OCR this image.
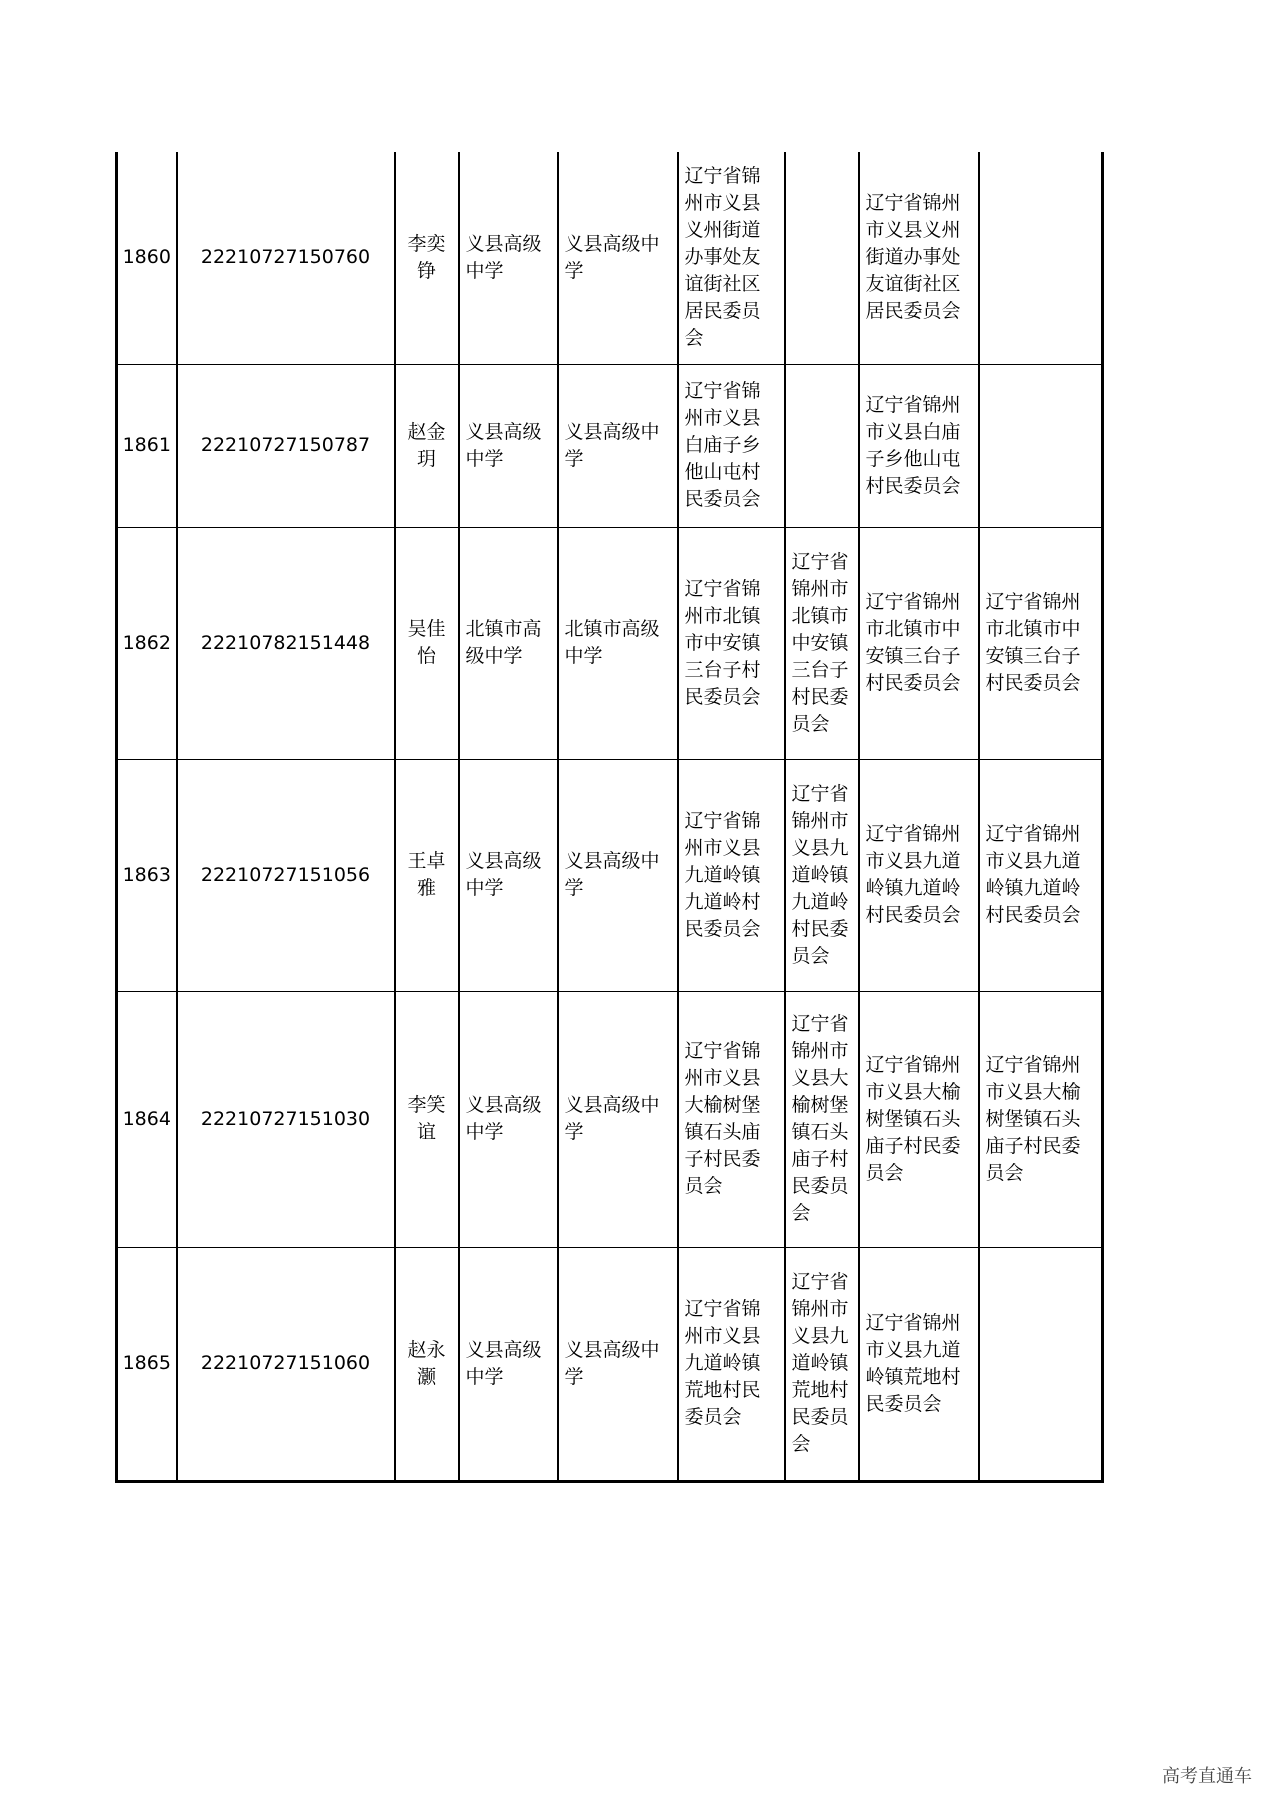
1860	22210727150760	李奕铮	义县高级中学	义县高级中学	辽宁省锦州市义县义州街道办事处友谊街社区居民委员会		辽宁省锦州市义县义州街道办事处友谊街社区居民委员会	
1861	22210727150787	赵金玥	义县高级中学	义县高级中学	辽宁省锦州市义县白庙子乡他山屯村民委员会		辽宁省锦州市义县白庙子乡他山屯村民委员会	
1862	22210782151448	吴佳怡	北镇市高级中学	北镇市高级中学	辽宁省锦州市北镇市中安镇三台子村民委员会	辽宁省锦州市北镇市中安镇三台子村民委员会	辽宁省锦州市北镇市中安镇三台子村民委员会	辽宁省锦州市北镇市中安镇三台子村民委员会
1863	22210727151056	王卓雅	义县高级中学	义县高级中学	辽宁省锦州市义县九道岭镇九道岭村民委员会	辽宁省锦州市义县九道岭镇九道岭村民委员会	辽宁省锦州市义县九道岭镇九道岭村民委员会	辽宁省锦州市义县九道岭镇九道岭村民委员会
1864	22210727151030	李笑谊	义县高级中学	义县高级中学	辽宁省锦州市义县大榆树堡镇石头庙子村民委员会	辽宁省锦州市义县大榆树堡镇石头庙子村民委员会	辽宁省锦州市义县大榆树堡镇石头庙子村民委员会	辽宁省锦州市义县大榆树堡镇石头庙子村民委员会
1865	22210727151060	赵永灏	义县高级中学	义县高级中学	辽宁省锦州市义县九道岭镇荒地村民委员会	辽宁省锦州市义县九道岭镇荒地村民委员会	辽宁省锦州市义县九道岭镇荒地村民委员会	
高考直通车
